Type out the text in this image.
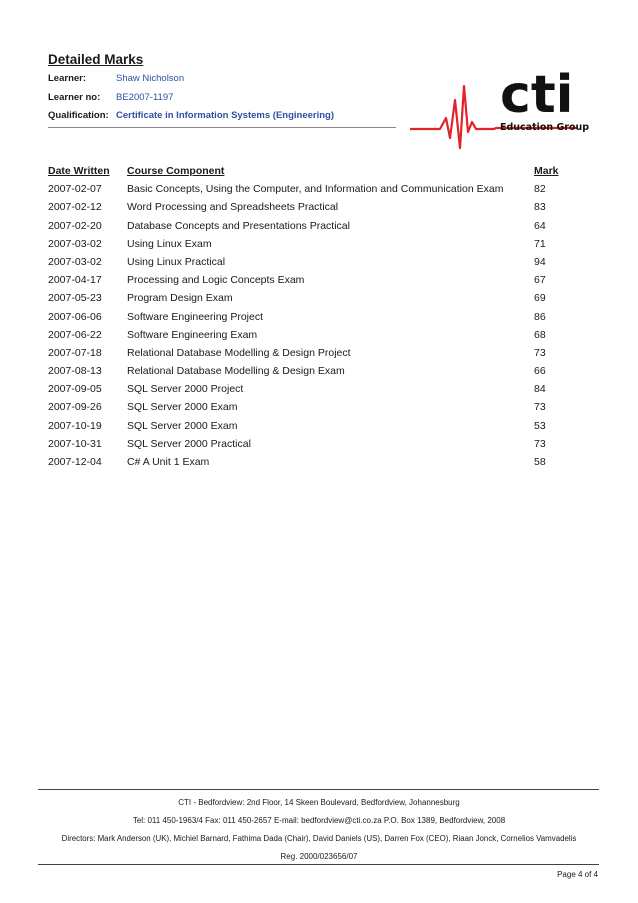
Detailed Marks
Learner:	Shaw Nicholson
Learner no: BE2007-1197
Qualification: Certificate in Information Systems (Engineering)	cti
Education Group
Date Written Course Component	Mark
2007-02-07 Basic Concepts, Using the Computer, and Information and Communication Exam	82
2007-02-12 Word Processing and Spreadsheets Practical	83
2007-02-20 Database Concepts and Presentations Practical	64
2007-03-02 Using Linux Exam	71
2007-03-02 Using Linux Practical	94
2007-04-17 Processing and Logic Concepts Exam	67
2007-05-23 Program Design Exam	69
2007-06-06 Software Engineering Project	86
2007-06-22 Software Engineering Exam	68
2007-07-18 Relational Database Modelling & Design Project	73
2007-08-13 Relational Database Modelling & Design Exam	66
2007-09-05 SQL Server 2000 Project	84
2007-09-26 SQL Server 2000 Exam	73
2007-10-19 SQL Server 2000 Exam	53
2007-10-31 SQL Server 2000 Practical	73
2007-12-04 C# A Unit 1 Exam	58
CTI - Bedfordview: 2nd Floor, 14 Skeen Boulevard, Bedfordview, Johannesburg
Tel: 011 450-1963/4 Fax: 011 450-2657 E-mail: bedfordview@cti.co.za P.O. Box 1389, Bedfordview, 2008
Directors: Mark Anderson (UK), Michiel Barnard, Fathima Dada (Chair), David Daniels (US), Darren Fox (CEO), Riaan Jonck, Cornelios Vamvadelis
Reg. 2000/023656/07
Page 4 of 4
